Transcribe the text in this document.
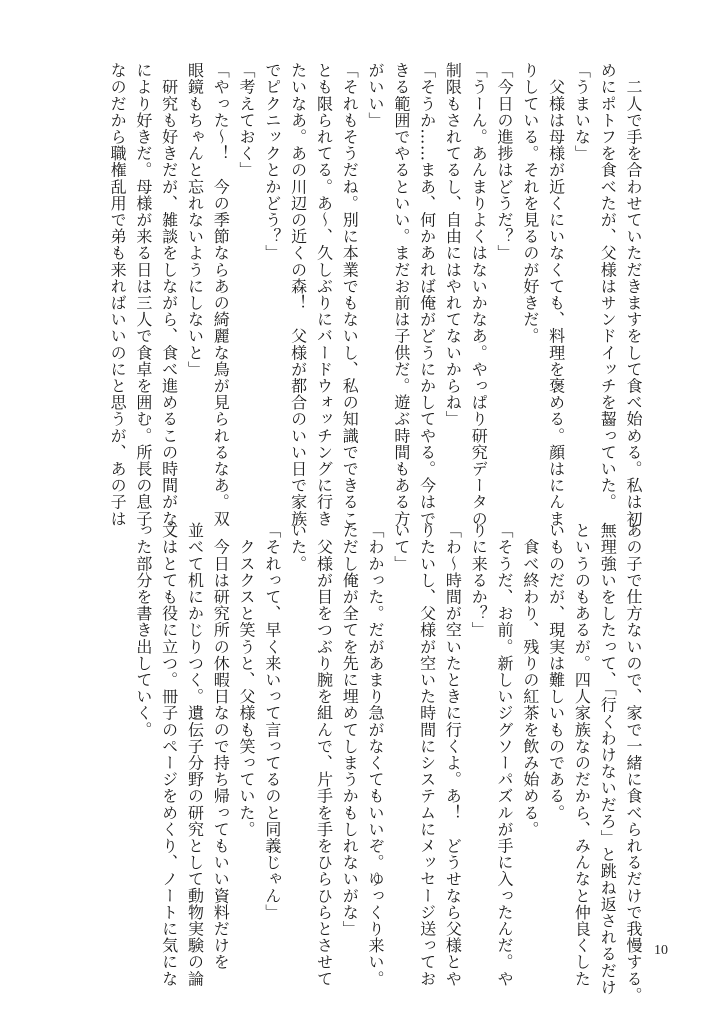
　二人で手を合わせていただきますをして食べ始める。私は初
めにポトフを食べたが、父様はサンドイッチを齧っていた。
「うまいな」
　父様は母様が近くにいなくても、料理を褒める。顔はにんま
りしている。それを見るのが好きだ。
「今日の進捗はどうだ？」
「うーん。あんまりよくはないかなあ。やっぱり研究データの
制限もされてるし、自由にはやれてないからね」
「そうか……まあ、何かあれば俺がどうにかしてやる。今はで
きる範囲でやるといい。まだお前は子供だ。遊ぶ時間もある方
がいい」
「それもそうだね。別に本業でもないし、私の知識でできるこ
とも限られてる。あ〜、久しぶりにバードウォッチングに行き
たいなあ。あの川辺の近くの森！　父様が都合のいい日で家族
でピクニックとかどう？」
「考えておく」
「やった〜！　今の季節ならあの綺麗な鳥が見られるなあ。双
眼鏡もちゃんと忘れないようにしないと」
　研究も好きだが、雑談をしながら、食べ進めるこの時間がな
により好きだ。母様が来る日は三人で食卓を囲む。所長の息子
なのだから職権乱用で弟も来ればいいのにと思うが、あの子は
あの子で仕方ないので、家で一緒に食べられるだけで我慢する。
無理強いをしたって、「行くわけないだろ」と跳ね返されるだけ
というのもあるが。四人家族なのだから、みんなと仲良くした
いものだが、現実は難しいものである。
　食べ終わり、残りの紅茶を飲み始める。
「そうだ、お前。新しいジグソーパズルが手に入ったんだ。や
りに来るか？」
「わ〜時間が空いたときに行くよ。あ！　どうせなら父様とや
りたいし、父様が空いた時間にシステムにメッセージ送ってお
いて」
「わかった。だがあまり急がなくてもいいぞ。ゆっくり来い。
ただし俺が全てを先に埋めてしまうかもしれないがな」
　父様が目をつぶり腕を組んで、片手を手をひらひらとさせて
いた。
「それって、早く来いって言ってるのと同義じゃん」
　クスクスと笑うと、父様も笑っていた。
　今日は研究所の休暇日なので持ち帰ってもいい資料だけを
並べて机にかじりつく。遺伝子分野の研究として動物実験の論
文はとても役に立つ。冊子のページをめくり、ノートに気にな
った部分を書き出していく。
10
